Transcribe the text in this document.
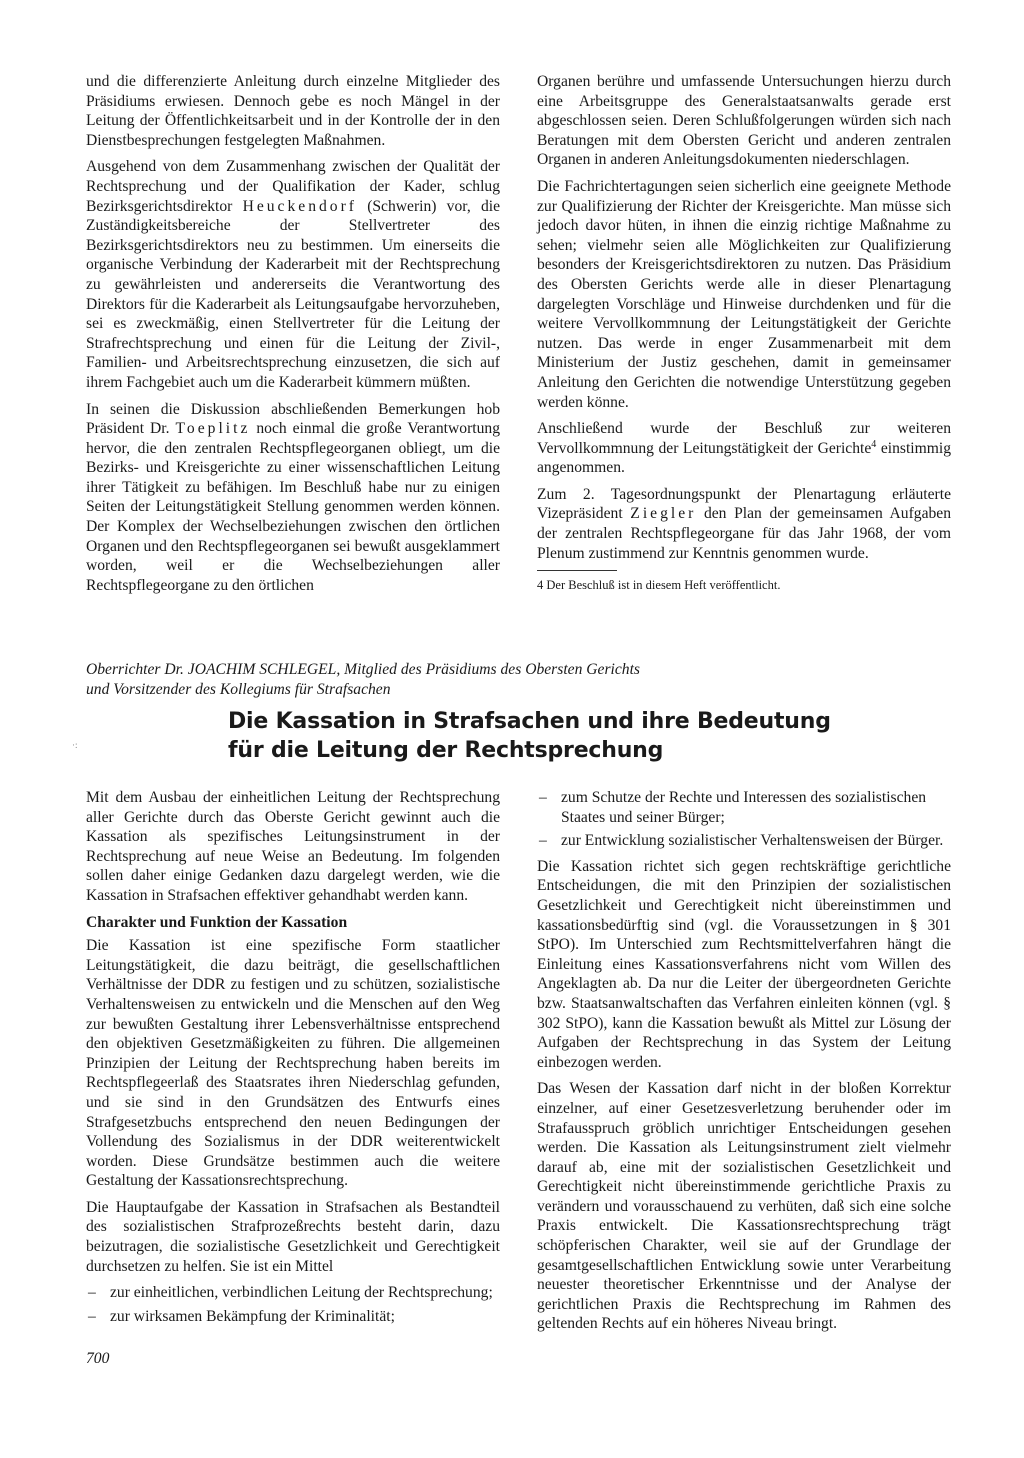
und die differenzierte Anleitung durch einzelne Mitglieder des Präsidiums erwiesen. Dennoch gebe es noch Mängel in der Leitung der Öffentlichkeitsarbeit und in der Kontrolle der in den Dienstbesprechungen festgelegten Maßnahmen.

Ausgehend von dem Zusammenhang zwischen der Qualität der Rechtsprechung und der Qualifikation der Kader, schlug Bezirksgerichtsdirektor Heuckendorf (Schwerin) vor, die Zuständigkeitsbereiche der Stellvertreter des Bezirksgerichtsdirektors neu zu bestimmen. Um einerseits die organische Verbindung der Kaderarbeit mit der Rechtsprechung zu gewährleisten und andererseits die Verantwortung des Direktors für die Kaderarbeit als Leitungsaufgabe hervorzuheben, sei es zweckmäßig, einen Stellvertreter für die Leitung der Strafrechtsprechung und einen für die Leitung der Zivil-, Familien- und Arbeitsrechtsprechung einzusetzen, die sich auf ihrem Fachgebiet auch um die Kaderarbeit kümmern müßten.

In seinen die Diskussion abschließenden Bemerkungen hob Präsident Dr. Toeplitz noch einmal die große Verantwortung hervor, die den zentralen Rechtspflegeorganen obliegt, um die Bezirks- und Kreisgerichte zu einer wissenschaftlichen Leitung ihrer Tätigkeit zu befähigen. Im Beschluß habe nur zu einigen Seiten der Leitungstätigkeit Stellung genommen werden können. Der Komplex der Wechselbeziehungen zwischen den örtlichen Organen und den Rechtspflegeorganen sei bewußt ausgeklammert worden, weil er die Wechselbeziehungen aller Rechtspflegeorgane zu den örtlichen

Organen berühre und umfassende Untersuchungen hierzu durch eine Arbeitsgruppe des Generalstaatsanwalts gerade erst abgeschlossen seien. Deren Schlußfolgerungen würden sich nach Beratungen mit dem Obersten Gericht und anderen zentralen Organen in anderen Anleitungsdokumenten niederschlagen.

Die Fachrichtertagungen seien sicherlich eine geeignete Methode zur Qualifizierung der Richter der Kreisgerichte. Man müsse sich jedoch davor hüten, in ihnen die einzig richtige Maßnahme zu sehen; vielmehr seien alle Möglichkeiten zur Qualifizierung besonders der Kreisgerichtsdirektoren zu nutzen. Das Präsidium des Obersten Gerichts werde alle in dieser Plenartagung dargelegten Vorschläge und Hinweise durchdenken und für die weitere Vervollkommnung der Leitungstätigkeit der Gerichte nutzen. Das werde in enger Zusammenarbeit mit dem Ministerium der Justiz geschehen, damit in gemeinsamer Anleitung den Gerichten die notwendige Unterstützung gegeben werden könne.

Anschließend wurde der Beschluß zur weiteren Vervollkommnung der Leitungstätigkeit der Gerichte$^4$ einstimmig angenommen.

Zum 2. Tagesordnungspunkt der Plenartagung erläuterte Vizepräsident Ziegler den Plan der gemeinsamen Aufgaben der zentralen Rechtspflegeorgane für das Jahr 1968, der vom Plenum zustimmend zur Kenntnis genommen wurde.

4 Der Beschluß ist in diesem Heft veröffentlicht.
Oberrichter Dr. JOACHIM SCHLEGEL, Mitglied des Präsidiums des Obersten Gerichts
und Vorsitzender des Kollegiums für Strafsachen
·:
Die Kassation in Strafsachen und ihre Bedeutung
für die Leitung der Rechtsprechung

Mit dem Ausbau der einheitlichen Leitung der Rechtsprechung aller Gerichte durch das Oberste Gericht gewinnt auch die Kassation als spezifisches Leitungsinstrument in der Rechtsprechung auf neue Weise an Bedeutung. Im folgenden sollen daher einige Gedanken dazu dargelegt werden, wie die Kassation in Strafsachen effektiver gehandhabt werden kann.

Charakter und Funktion der Kassation

Die Kassation ist eine spezifische Form staatlicher Leitungstätigkeit, die dazu beiträgt, die gesellschaftlichen Verhältnisse der DDR zu festigen und zu schützen, sozialistische Verhaltensweisen zu entwickeln und die Menschen auf den Weg zur bewußten Gestaltung ihrer Lebensverhältnisse entsprechend den objektiven Gesetzmäßigkeiten zu führen. Die allgemeinen Prinzipien der Leitung der Rechtsprechung haben bereits im Rechtspflegeerlaß des Staatsrates ihren Niederschlag gefunden, und sie sind in den Grundsätzen des Entwurfs eines Strafgesetzbuchs entsprechend den neuen Bedingungen der Vollendung des Sozialismus in der DDR weiterentwickelt worden. Diese Grundsätze bestimmen auch die weitere Gestaltung der Kassationsrechtsprechung.

Die Hauptaufgabe der Kassation in Strafsachen als Bestandteil des sozialistischen Strafprozeßrechts besteht darin, dazu beizutragen, die sozialistische Gesetzlichkeit und Gerechtigkeit durchsetzen zu helfen. Sie ist ein Mittel

– zur einheitlichen, verbindlichen Leitung der Rechtsprechung;
– zur wirksamen Bekämpfung der Kriminalität;
– zum Schutze der Rechte und Interessen des sozialistischen Staates und seiner Bürger;
– zur Entwicklung sozialistischer Verhaltensweisen der Bürger.

Die Kassation richtet sich gegen rechtskräftige gerichtliche Entscheidungen, die mit den Prinzipien der sozialistischen Gesetzlichkeit und Gerechtigkeit nicht übereinstimmen und kassationsbedürftig sind (vgl. die Voraussetzungen in § 301 StPO). Im Unterschied zum Rechtsmittelverfahren hängt die Einleitung eines Kassationsverfahrens nicht vom Willen des Angeklagten ab. Da nur die Leiter der übergeordneten Gerichte bzw. Staatsanwaltschaften das Verfahren einleiten können (vgl. § 302 StPO), kann die Kassation bewußt als Mittel zur Lösung der Aufgaben der Rechtsprechung in das System der Leitung einbezogen werden.

Das Wesen der Kassation darf nicht in der bloßen Korrektur einzelner, auf einer Gesetzesverletzung beruhender oder im Strafausspruch gröblich unrichtiger Entscheidungen gesehen werden. Die Kassation als Leitungsinstrument zielt vielmehr darauf ab, eine mit der sozialistischen Gesetzlichkeit und Gerechtigkeit nicht übereinstimmende gerichtliche Praxis zu verändern und vorausschauend zu verhüten, daß sich eine solche Praxis entwickelt. Die Kassationsrechtsprechung trägt schöpferischen Charakter, weil sie auf der Grundlage der gesamtgesellschaftlichen Entwicklung sowie unter Verarbeitung neuester theoretischer Erkenntnisse und der Analyse der gerichtlichen Praxis die Rechtsprechung im Rahmen des geltenden Rechts auf ein höheres Niveau bringt.

700
